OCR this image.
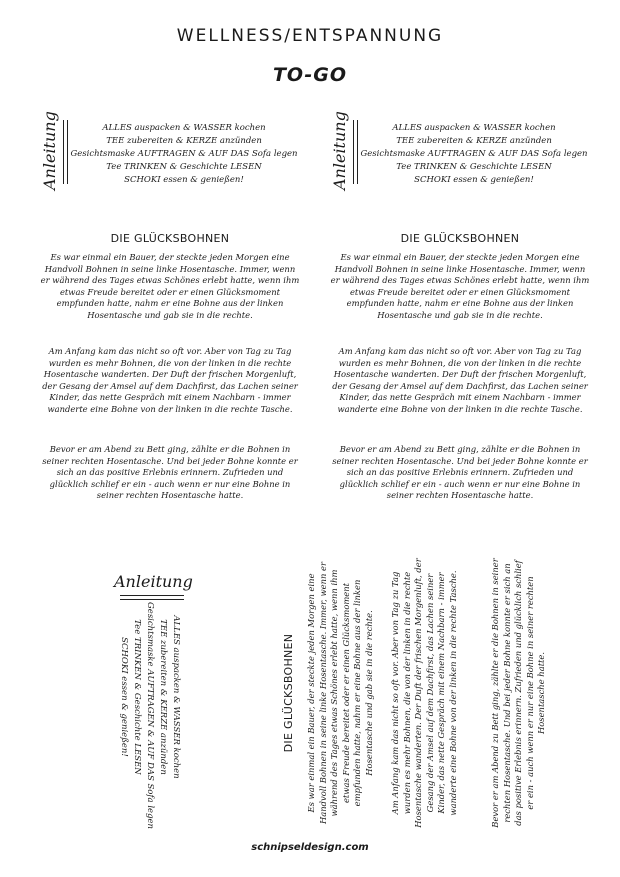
WELLNESS/ENTSPANNUNG
TO-GO
Anleitung	ALLES auspacken & WASSER kochen
TEE zubereiten & KERZE anzünden
Gesichtsmaske AUFTRAGEN & AUF DAS Sofa legen
Tee TRINKEN & Geschichte LESEN
SCHOKI essen & genießen!
DIE GLÜCKSBOHNEN
Es war einmal ein Bauer, der steckte jeden Morgen eine Handvoll Bohnen in seine linke Hosentasche. Immer, wenn er während des Tages etwas Schönes erlebt hatte, wenn ihm etwas Freude bereitet oder er einen Glücksmoment empfunden hatte, nahm er eine Bohne aus der linken Hosentasche und gab sie in die rechte.
Am Anfang kam das nicht so oft vor. Aber von Tag zu Tag wurden es mehr Bohnen, die von der linken in die rechte Hosentasche wanderten. Der Duft der frischen Morgenluft, der Gesang der Amsel auf dem Dachfirst, das Lachen seiner Kinder, das nette Gespräch mit einem Nachbarn - immer wanderte eine Bohne von der linken in die rechte Tasche.
Bevor er am Abend zu Bett ging, zählte er die Bohnen in seiner rechten Hosentasche. Und bei jeder Bohne konnte er sich an das positive Erlebnis erinnern. Zufrieden und glücklich schlief er ein - auch wenn er nur eine Bohne in seiner rechten Hosentasche hatte.
Anleitung	ALLES auspacken & WASSER kochen
TEE zubereiten & KERZE anzünden
Gesichtsmaske AUFTRAGEN & AUF DAS Sofa legen
Tee TRINKEN & Geschichte LESEN
SCHOKI essen & genießen!
DIE GLÜCKSBOHNEN
Es war einmal ein Bauer, der steckte jeden Morgen eine Handvoll Bohnen in seine linke Hosentasche. Immer, wenn er während des Tages etwas Schönes erlebt hatte, wenn ihm etwas Freude bereitet oder er einen Glücksmoment empfunden hatte, nahm er eine Bohne aus der linken Hosentasche und gab sie in die rechte.
Am Anfang kam das nicht so oft vor. Aber von Tag zu Tag wurden es mehr Bohnen, die von der linken in die rechte Hosentasche wanderten. Der Duft der frischen Morgenluft, der Gesang der Amsel auf dem Dachfirst, das Lachen seiner Kinder, das nette Gespräch mit einem Nachbarn - immer wanderte eine Bohne von der linken in die rechte Tasche.
Bevor er am Abend zu Bett ging, zählte er die Bohnen in seiner rechten Hosentasche. Und bei jeder Bohne konnte er sich an das positive Erlebnis erinnern. Zufrieden und glücklich schlief er ein - auch wenn er nur eine Bohne in seiner rechten Hosentasche hatte.
Anleitung
ALLES auspacken & WASSER kochen
TEE zubereiten & KERZE anzünden
Gesichtsmaske AUFTRAGEN & AUF DAS Sofa legen
Tee TRINKEN & Geschichte LESEN
SCHOKI essen & genießen!	DIE GLÜCKSBOHNEN Es war einmal ein Bauer, der steckte jeden Morgen eine Handvoll Bohnen in seine linke Hosentasche. Immer, wenn er während des Tages etwas Schönes erlebt hatte, wenn ihm etwas Freude bereitet oder er einen Glücksmoment empfunden hatte, nahm er eine Bohne aus der linken Hosentasche und gab sie in die rechte. Am Anfang kam das nicht so oft vor. Aber von Tag zu Tag wurden es mehr Bohnen, die von der linken in die rechte Hosentasche wanderten. Der Duft der frischen Morgenluft, der Gesang der Amsel auf dem Dachfirst, das Lachen seiner Kinder, das nette Gespräch mit einem Nachbarn - immer wanderte eine Bohne von der linken in die rechte Tasche.	Bevor er am Abend zu Bett ging, zählte er die Bohnen in seiner rechten Hosentasche. Und bei jeder Bohne konnte er sich an das positive Erlebnis erinnern. Zufrieden und glücklich schlief er ein - auch wenn er nur eine Bohne in seiner rechten Hosentasche hatte.
schnipseldesign.com
